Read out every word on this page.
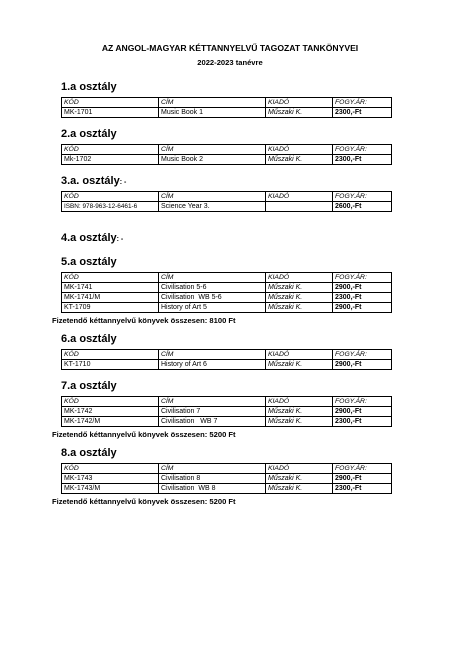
AZ ANGOL-MAGYAR KÉTTANNYELVŰ TAGOZAT TANKÖNYVEI
2022-2023 tanévre
1.a osztály
KÓD	CÍM	KIADÓ	FOGY.ÁR:
MK-1701	Music Book 1	Műszaki K.	2300,-Ft
2.a osztály
KÓD	CÍM	KIADÓ	FOGY.ÁR:
Mk-1702	Music Book 2	Műszaki K.	2300,-Ft
3.a. osztály: -
KÓD	CÍM	KIADÓ	FOGY.ÁR:
ISBN: 978-963-12-6461-6	Science Year 3.		2600,-Ft
4.a osztály: -
5.a osztály
KÓD	CÍM	KIADÓ	FOGY.ÁR:
MK-1741	Civilisation 5-6	Műszaki K.	2900,-Ft
MK-1741/M	Civilisation  WB 5-6	Műszaki K.	2300,-Ft
KT-1709	History of Art 5	Műszaki K.	2900,-Ft
Fizetendő kéttannyelvű könyvek összesen: 8100 Ft
6.a osztály
KÓD	CÍM	KIADÓ	FOGY.ÁR:
KT-1710	History of Art 6	Műszaki K.	2900,-Ft
7.a osztály
KÓD	CÍM	KIADÓ	FOGY.ÁR:
MK-1742	Civilisation 7	Műszaki K.	2900,-Ft
MK-1742/M	Civilisation   WB 7	Műszaki K.	2300,-Ft
Fizetendő kéttannyelvű könyvek összesen: 5200 Ft
8.a osztály
KÓD	CÍM	KIADÓ	FOGY.ÁR:
MK-1743	Civilisation 8	Műszaki K.	2900,-Ft
MK-1743/M	Civilisation  WB 8	Műszaki K.	2300,-Ft
Fizetendő kéttannyelvű könyvek összesen: 5200 Ft
